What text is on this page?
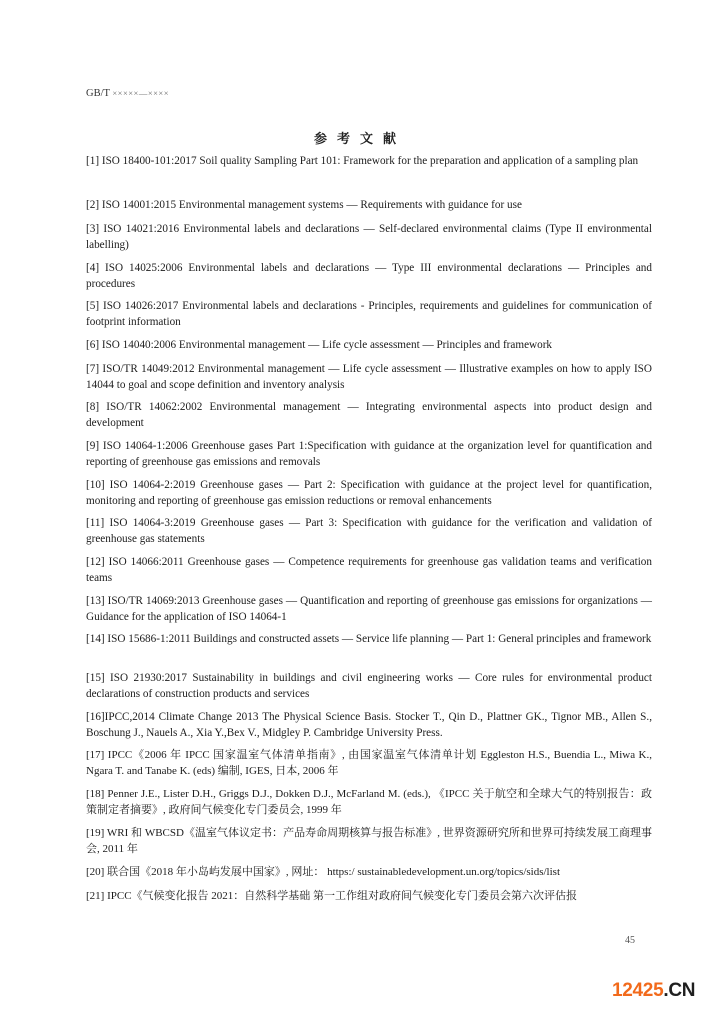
GB/T ×××××—××××
参考文献
[1] ISO 18400-101:2017 Soil quality Sampling Part 101: Framework for the preparation and application of a sampling plan
[2] ISO 14001:2015 Environmental management systems — Requirements with guidance for use
[3] ISO 14021:2016 Environmental labels and declarations — Self-declared environmental claims (Type II environmental labelling)
[4] ISO 14025:2006 Environmental labels and declarations — Type III environmental declarations — Principles and procedures
[5] ISO 14026:2017 Environmental labels and declarations - Principles, requirements and guidelines for communication of footprint information
[6] ISO 14040:2006 Environmental management — Life cycle assessment — Principles and framework
[7] ISO/TR 14049:2012 Environmental management — Life cycle assessment — Illustrative examples on how to apply ISO 14044 to goal and scope definition and inventory analysis
[8] ISO/TR 14062:2002 Environmental management — Integrating environmental aspects into product design and development
[9] ISO 14064-1:2006 Greenhouse gases Part 1:Specification with guidance at the organization level for quantification and reporting of greenhouse gas emissions and removals
[10] ISO 14064-2:2019 Greenhouse gases — Part 2: Specification with guidance at the project level for quantification, monitoring and reporting of greenhouse gas emission reductions or removal enhancements
[11] ISO 14064-3:2019 Greenhouse gases — Part 3: Specification with guidance for the verification and validation of greenhouse gas statements
[12] ISO 14066:2011 Greenhouse gases — Competence requirements for greenhouse gas validation teams and verification teams
[13] ISO/TR 14069:2013 Greenhouse gases — Quantification and reporting of greenhouse gas emissions for organizations — Guidance for the application of ISO 14064-1
[14] ISO 15686-1:2011 Buildings and constructed assets — Service life planning — Part 1: General principles and framework
[15] ISO 21930:2017 Sustainability in buildings and civil engineering works — Core rules for environmental product declarations of construction products and services
[16]IPCC,2014 Climate Change 2013 The Physical Science Basis. Stocker T., Qin D., Plattner GK., Tignor MB., Allen S., Boschung J., Nauels A., Xia Y.,Bex V., Midgley P. Cambridge University Press.
[17] IPCC《2006 年 IPCC 国家温室气体清单指南》, 由国家温室气体清单计划 Eggleston H.S., Buendia L., Miwa K., Ngara T. and Tanabe K. (eds) 编制, IGES, 日本, 2006 年
[18] Penner J.E., Lister D.H., Griggs D.J., Dokken D.J., McFarland M. (eds.), 《IPCC 关于航空和全球大气的特别报告：政策制定者摘要》, 政府间气候变化专门委员会, 1999 年
[19] WRI 和 WBCSD《温室气体议定书：产品寿命周期核算与报告标准》, 世界资源研究所和世界可持续发展工商理事会, 2011 年
[20] 联合国《2018 年小岛屿发展中国家》, 网址： https:/ sustainabledevelopment.un.org/topics/sids/list
[21] IPCC《气候变化报告 2021：自然科学基础 第一工作组对政府间气候变化专门委员会第六次评估报
45
12425.CN
